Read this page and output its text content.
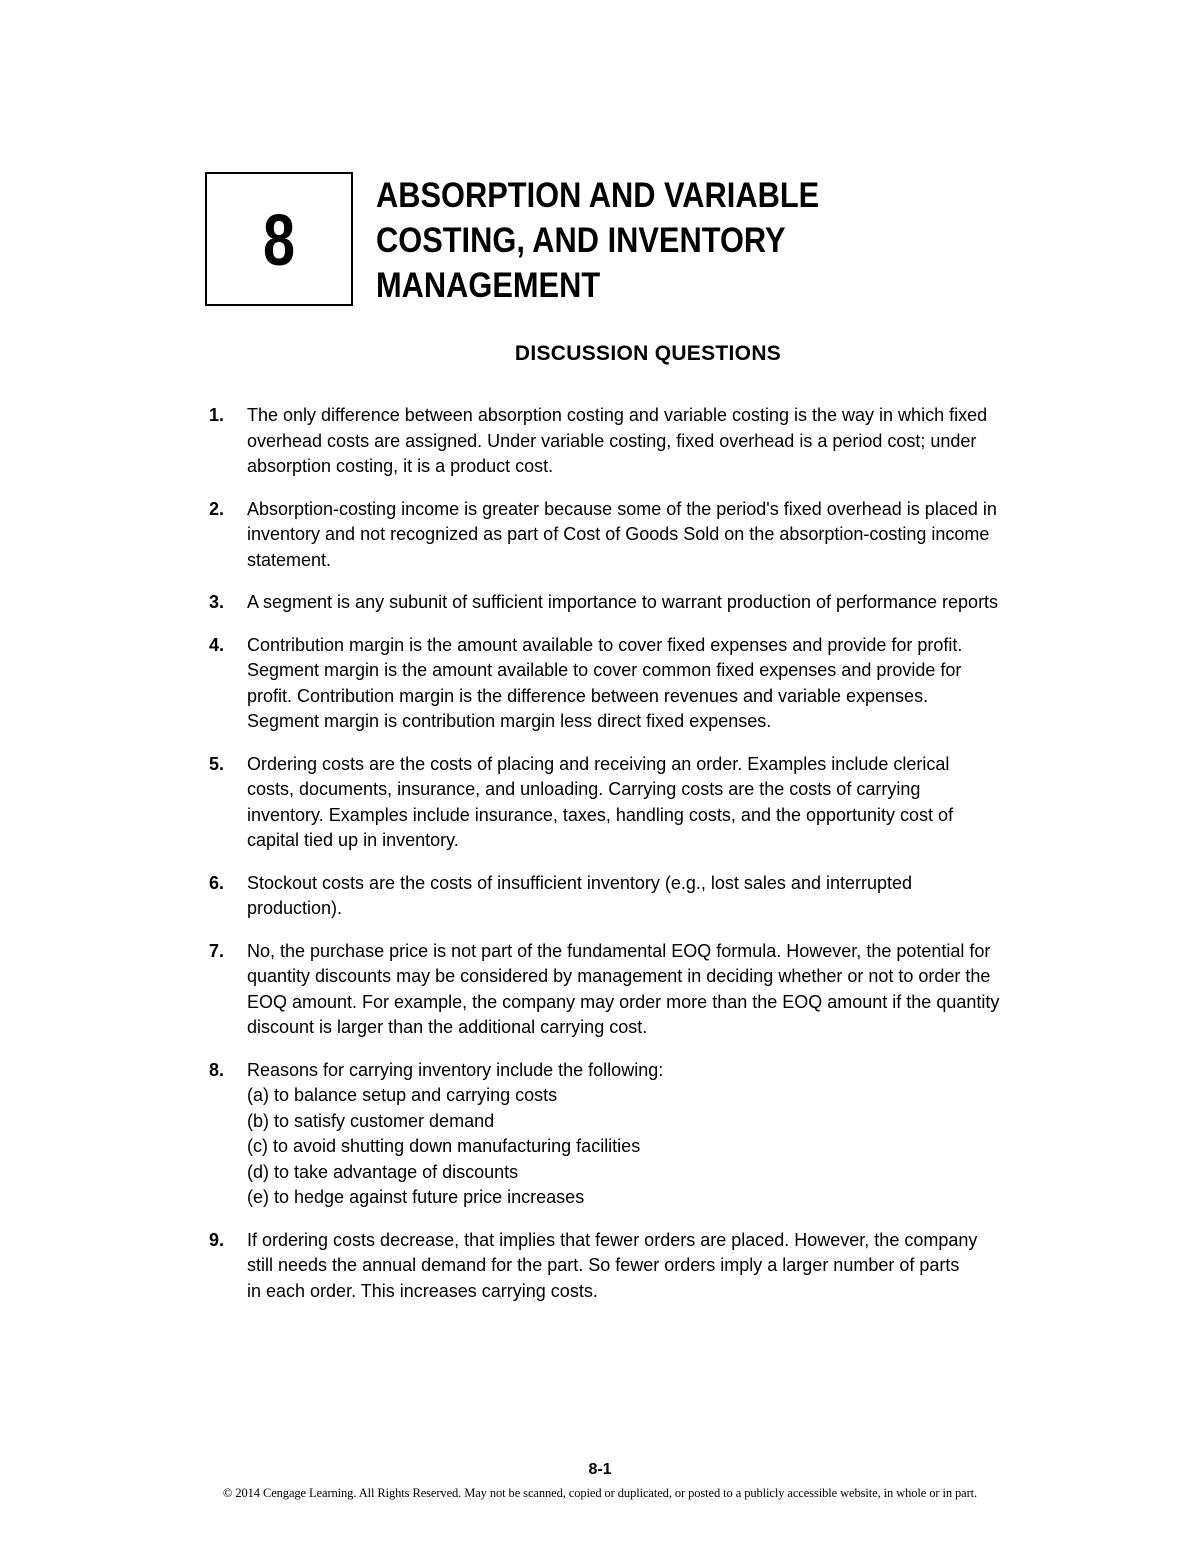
8
ABSORPTION AND VARIABLE
COSTING, AND INVENTORY
MANAGEMENT
DISCUSSION QUESTIONS
1.	The only difference between absorption costing and variable costing is the way in which fixed
overhead costs are assigned. Under variable costing, fixed overhead is a period cost; under
absorption costing, it is a product cost.
2.	Absorption-costing income is greater because some of the period's fixed overhead is placed in
inventory and not recognized as part of Cost of Goods Sold on the absorption-costing income
statement.
3.	A segment is any subunit of sufficient importance to warrant production of performance reports
4.	Contribution margin is the amount available to cover fixed expenses and provide for profit.
Segment margin is the amount available to cover common fixed expenses and provide for
profit. Contribution margin is the difference between revenues and variable expenses.
Segment margin is contribution margin less direct fixed expenses.
5.	Ordering costs are the costs of placing and receiving an order. Examples include clerical
costs, documents, insurance, and unloading. Carrying costs are the costs of carrying
inventory. Examples include insurance, taxes, handling costs, and the opportunity cost of
capital tied up in inventory.
6.	Stockout costs are the costs of insufficient inventory (e.g., lost sales and interrupted
production).
7.	No, the purchase price is not part of the fundamental EOQ formula. However, the potential for
quantity discounts may be considered by management in deciding whether or not to order the
EOQ amount. For example, the company may order more than the EOQ amount if the quantity
discount is larger than the additional carrying cost.
8.	Reasons for carrying inventory include the following:
(a) to balance setup and carrying costs
(b) to satisfy customer demand
(c) to avoid shutting down manufacturing facilities
(d) to take advantage of discounts
(e) to hedge against future price increases
9.	If ordering costs decrease, that implies that fewer orders are placed. However, the company
still needs the annual demand for the part. So fewer orders imply a larger number of parts
in each order. This increases carrying costs.
8-1
© 2014 Cengage Learning. All Rights Reserved. May not be scanned, copied or duplicated, or posted to a publicly accessible website, in whole or in part.
